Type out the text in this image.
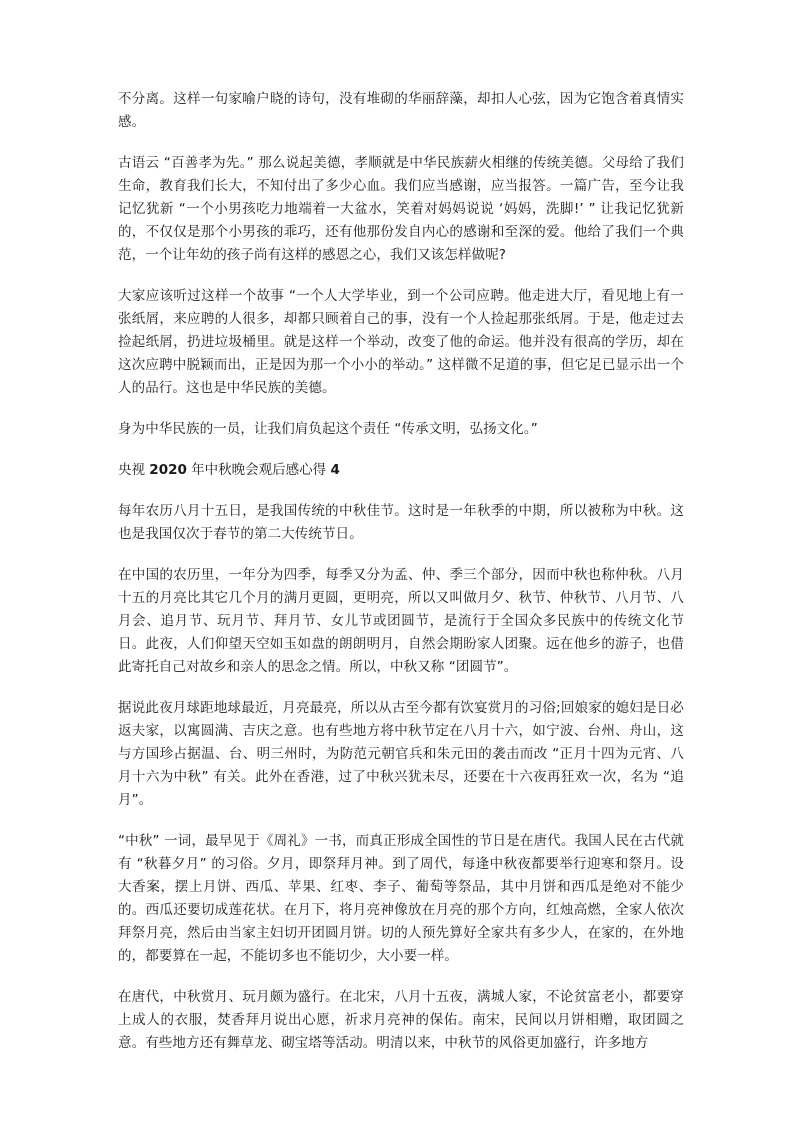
不分离。这样一句家喻户晓的诗句，没有堆砌的华丽辞藻，却扣人心弦，因为它饱含着真情实感。

古语云 “百善孝为先。” 那么说起美德，孝顺就是中华民族薪火相继的传统美德。父母给了我们生命，教育我们长大，不知付出了多少心血。我们应当感谢，应当报答。一篇广告，至今让我记忆犹新 “一个小男孩吃力地端着一大盆水，笑着对妈妈说说 ‘妈妈，洗脚!’ ” 让我记忆犹新的，不仅仅是那个小男孩的乖巧，还有他那份发自内心的感谢和至深的爱。他给了我们一个典范，一个让年幼的孩子尚有这样的感恩之心，我们又该怎样做呢?

大家应该听过这样一个故事 “一个人大学毕业，到一个公司应聘。他走进大厅，看见地上有一张纸屑，来应聘的人很多，却都只顾着自己的事，没有一个人捡起那张纸屑。于是，他走过去捡起纸屑，扔进垃圾桶里。就是这样一个举动，改变了他的命运。他并没有很高的学历，却在这次应聘中脱颖而出，正是因为那一个小小的举动。” 这样微不足道的事，但它足已显示出一个人的品行。这也是中华民族的美德。

身为中华民族的一员，让我们肩负起这个责任 “传承文明，弘扬文化。”

央视 2020 年中秋晚会观后感心得 4

每年农历八月十五日，是我国传统的中秋佳节。这时是一年秋季的中期，所以被称为中秋。这也是我国仅次于春节的第二大传统节日。

在中国的农历里，一年分为四季，每季又分为孟、仲、季三个部分，因而中秋也称仲秋。八月十五的月亮比其它几个月的满月更圆，更明亮，所以又叫做月夕、秋节、仲秋节、八月节、八月会、追月节、玩月节、拜月节、女儿节或团圆节，是流行于全国众多民族中的传统文化节日。此夜，人们仰望天空如玉如盘的朗朗明月，自然会期盼家人团聚。远在他乡的游子，也借此寄托自己对故乡和亲人的思念之情。所以，中秋又称 “团圆节”。

据说此夜月球距地球最近，月亮最亮，所以从古至今都有饮宴赏月的习俗;回娘家的媳妇是日必返夫家，以寓圆满、吉庆之意。也有些地方将中秋节定在八月十六，如宁波、台州、舟山，这与方国珍占据温、台、明三州时，为防范元朝官兵和朱元田的袭击而改 “正月十四为元宵、八月十六为中秋” 有关。此外在香港，过了中秋兴犹未尽，还要在十六夜再狂欢一次，名为 “追月”。

“中秋” 一词，最早见于《周礼》一书，而真正形成全国性的节日是在唐代。我国人民在古代就有 “秋暮夕月” 的习俗。夕月，即祭拜月神。到了周代，每逢中秋夜都要举行迎寒和祭月。设大香案，摆上月饼、西瓜、苹果、红枣、李子、葡萄等祭品，其中月饼和西瓜是绝对不能少的。西瓜还要切成莲花状。在月下，将月亮神像放在月亮的那个方向，红烛高燃，全家人依次拜祭月亮，然后由当家主妇切开团圆月饼。切的人预先算好全家共有多少人，在家的，在外地的，都要算在一起，不能切多也不能切少，大小要一样。

在唐代，中秋赏月、玩月颇为盛行。在北宋，八月十五夜，满城人家，不论贫富老小，都要穿上成人的衣服，焚香拜月说出心愿，祈求月亮神的保佑。南宋，民间以月饼相赠，取团圆之意。有些地方还有舞草龙、砌宝塔等活动。明清以来，中秋节的风俗更加盛行，许多地方
